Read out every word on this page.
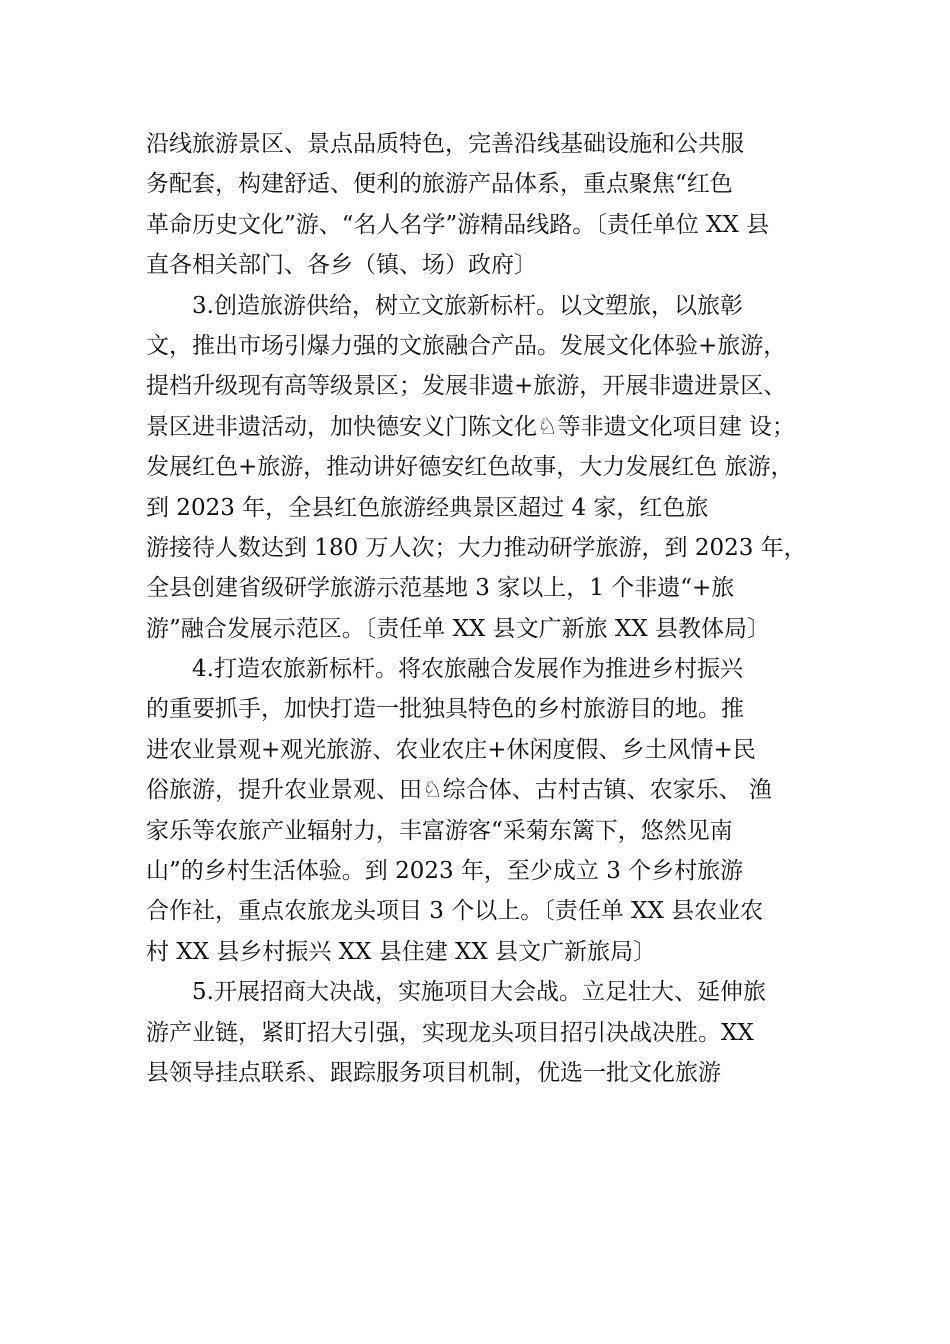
沿线旅游景区、景点品质特色，完善沿线基础设施和公共服
务配套，构建舒适、便利的旅游产品体系，重点聚焦“红色
革命历史文化”游、“名人名学”游精品线路。〔责任单位 XX 县
直各相关部门、各乡（镇、场）政府〕
　　3.创造旅游供给，树立文旅新标杆。以文塑旅，以旅彰
文，推出市场引爆力强的文旅融合产品。发展文化体验+旅游，
提档升级现有高等级景区；发展非遗+旅游，开展非遗进景区、
景区进非遗活动，加快德安义门陈文化♘等非遗文化项目建 设；
发展红色+旅游，推动讲好德安红色故事，大力发展红色 旅游，
到 2023 年，全县红色旅游经典景区超过 4 家，红色旅
游接待人数达到 180 万人次；大力推动研学旅游，到 2023 年，
全县创建省级研学旅游示范基地 3 家以上，1 个非遗“+旅
游”融合发展示范区。〔责任单 XX 县文广新旅 XX 县教体局〕
　　4.打造农旅新标杆。将农旅融合发展作为推进乡村振兴
的重要抓手，加快打造一批独具特色的乡村旅游目的地。推
进农业景观+观光旅游、农业农庄+休闲度假、乡土风情+民
俗旅游，提升农业景观、田♘综合体、古村古镇、农家乐、 渔
家乐等农旅产业辐射力，丰富游客“采菊东篱下，悠然见南
山”的乡村生活体验。到 2023 年，至少成立 3 个乡村旅游
合作社，重点农旅龙头项目 3 个以上。〔责任单 XX 县农业农
村 XX 县乡村振兴 XX 县住建 XX 县文广新旅局〕
　　5.开展招商大决战，实施项目大会战。立足壮大、延伸旅
游产业链，紧盯招大引强，实现龙头项目招引决战决胜。XX
县领导挂点联系、跟踪服务项目机制，优选一批文化旅游
